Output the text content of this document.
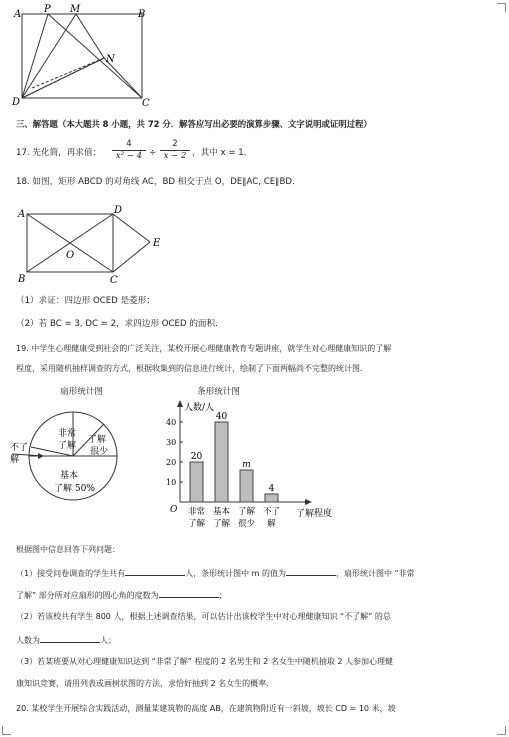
A P M	B
N
D	C
三、解答题（本大题共 8 小题，共 72 分．解答应写出必要的演算步骤、文字说明或证明过程）
17. 先化简，再求值：
4
x² − 4 ÷
2
x − 2 ，其中 x = 1．
18. 如图，矩形 ABCD 的对角线 AC，BD 相交于点 O，DE∥AC, CE∥BD．
A	D
E
O
B	C
（1）求证：四边形 OCED 是菱形；
（2）若 BC = 3, DC = 2，求四边形 OCED 的面积．
19. 中学生心理健康受到社会的广泛关注，某校开展心理健康教育专题讲座，就学生对心理健康知识的了解
程度，采用随机抽样调查的方式，根据收集到的信息进行统计，绘制了下面两幅尚不完整的统计图．
扇形统计图
非常
了解
了解
很少
不了
解
基本
了解 50%
条形统计图
人数/人
了解程度
O
10
20
30
40
20
40
m
4
非常
了解
基本
了解
了解
很少
不了
解
根据图中信息回答下列问题：
（1）接受问卷调查的学生共有	人，条形统计图中 m 的值为	，扇形统计图中 “非常
了解” 部分所对应扇形的圆心角的度数为	；
（2）若该校共有学生 800 人，根据上述调查结果，可以估计出该校学生中对心理健康知识 “不了解” 的总
人数为	人；
（3）若某班要从对心理健康知识达到 “非常了解” 程度的 2 名男生和 2 名女生中随机抽取 2 人参加心理健
康知识竞赛，请用列表或画树状图的方法，求恰好抽到 2 名女生的概率．
20. 某校学生开展综合实践活动，测量某建筑物的高度 AB，在建筑物附近有一斜坡，坡长 CD = 10 米，坡
